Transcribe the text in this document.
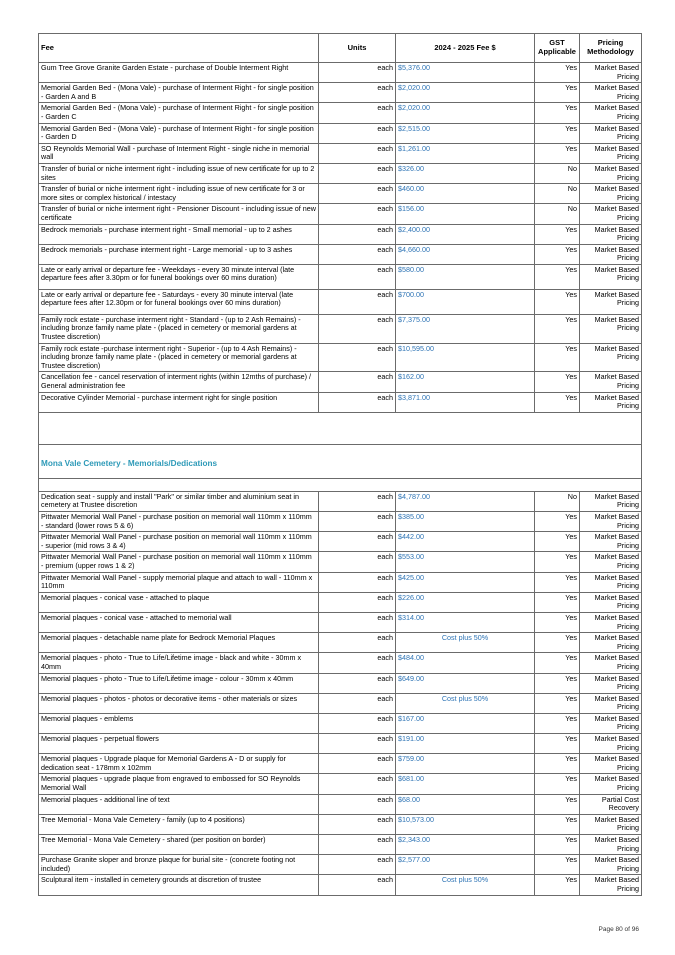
Fee	Units	2024 - 2025 Fee $	GST Applicable	Pricing Methodology
Gum Tree Grove Granite Garden Estate - purchase of Double Interment Right	each	$5,376.00	Yes	Market Based Pricing
Memorial Garden Bed - (Mona Vale) - purchase of Interment Right - for single position - Garden A and B	each	$2,020.00	Yes	Market Based Pricing
Memorial Garden Bed - (Mona Vale) - purchase of Interment Right - for single position - Garden C	each	$2,020.00	Yes	Market Based Pricing
Memorial Garden Bed - (Mona Vale) - purchase of Interment Right - for single position - Garden D	each	$2,515.00	Yes	Market Based Pricing
SO Reynolds Memorial Wall - purchase of Interment Right - single niche in memorial wall	each	$1,261.00	Yes	Market Based Pricing
Transfer of burial or niche interment right - including issue of new certificate for up to 2 sites	each	$326.00	No	Market Based Pricing
Transfer of burial or niche interment right - including issue of new certificate for 3 or more sites or complex historical / intestacy	each	$460.00	No	Market Based Pricing
Transfer of burial or niche interment right - Pensioner Discount - including issue of new certificate	each	$156.00	No	Market Based Pricing
Bedrock memorials - purchase interment right - Small memorial - up to 2 ashes	each	$2,400.00	Yes	Market Based Pricing
Bedrock memorials - purchase interment right - Large memorial - up to 3 ashes	each	$4,660.00	Yes	Market Based Pricing
Late or early arrival or departure fee - Weekdays - every 30 minute interval (late departure fees after 3.30pm or for funeral bookings over 60 mins duration)	each	$580.00	Yes	Market Based Pricing
Late or early arrival or departure fee - Saturdays - every 30 minute interval (late departure fees after 12.30pm or for funeral bookings over 60 mins duration)	each	$700.00	Yes	Market Based Pricing
Family rock estate - purchase interment right - Standard - (up to 2 Ash Remains) - including bronze family name plate - (placed in cemetery or memorial gardens at Trustee discretion)	each	$7,375.00	Yes	Market Based Pricing
Family rock estate -purchase interment right - Superior - (up to 4 Ash Remains) - including bronze family name plate - (placed in cemetery or memorial gardens at Trustee discretion)	each	$10,595.00	Yes	Market Based Pricing
Cancellation fee - cancel reservation of interment rights (within 12mths of purchase) / General administration fee	each	$162.00	Yes	Market Based Pricing
Decorative Cylinder Memorial - purchase interment right for single position	each	$3,871.00	Yes	Market Based Pricing

Mona Vale Cemetery - Memorials/Dedications				

Dedication seat - supply and install "Park" or similar timber and aluminium seat in cemetery at Trustee discretion	each	$4,787.00	No	Market Based Pricing
Pittwater Memorial Wall Panel - purchase position on memorial wall 110mm x 110mm - standard (lower rows 5 & 6)	each	$385.00	Yes	Market Based Pricing
Pittwater Memorial Wall Panel - purchase position on memorial wall 110mm x 110mm - superior (mid rows 3 & 4)	each	$442.00	Yes	Market Based Pricing
Pittwater Memorial Wall Panel - purchase position on memorial wall 110mm x 110mm - premium (upper rows 1 & 2)	each	$553.00	Yes	Market Based Pricing
Pittwater Memorial Wall Panel - supply memorial plaque and attach to wall - 110mm x 110mm	each	$425.00	Yes	Market Based Pricing
Memorial plaques - conical vase - attached to plaque	each	$226.00	Yes	Market Based Pricing
Memorial plaques - conical vase - attached to memorial wall	each	$314.00	Yes	Market Based Pricing
Memorial plaques - detachable name plate for Bedrock Memorial Plaques	each	Cost plus 50%	Yes	Market Based Pricing
Memorial plaques - photo - True to Life/Lifetime image - black and white - 30mm x 40mm	each	$484.00	Yes	Market Based Pricing
Memorial plaques - photo - True to Life/Lifetime image - colour - 30mm x 40mm	each	$649.00	Yes	Market Based Pricing
Memorial plaques - photos - photos or decorative items - other materials or sizes	each	Cost plus 50%	Yes	Market Based Pricing
Memorial plaques - emblems	each	$167.00	Yes	Market Based Pricing
Memorial plaques - perpetual flowers	each	$191.00	Yes	Market Based Pricing
Memorial plaques - Upgrade plaque for Memorial Gardens A - D or supply for dedication seat - 178mm x 102mm	each	$759.00	Yes	Market Based Pricing
Memorial plaques - upgrade plaque from engraved to embossed for SO Reynolds Memorial Wall	each	$681.00	Yes	Market Based Pricing
Memorial plaques - additional line of text	each	$68.00	Yes	Partial Cost Recovery
Tree Memorial - Mona Vale Cemetery - family (up to 4 positions)	each	$10,573.00	Yes	Market Based Pricing
Tree Memorial - Mona Vale Cemetery - shared (per position on border)	each	$2,343.00	Yes	Market Based Pricing
Purchase Granite sloper and bronze plaque for burial site - (concrete footing not included)	each	$2,577.00	Yes	Market Based Pricing
Sculptural item - installed in cemetery grounds at discretion of trustee	each	Cost plus 50%	Yes	Market Based Pricing
Page 80 of 96
